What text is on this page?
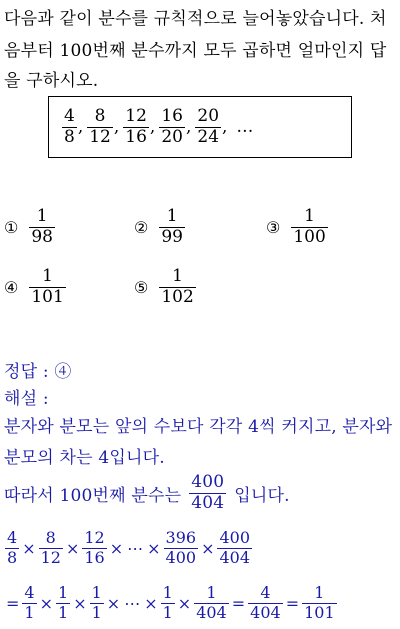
다음과 같이 분수를 규칙적으로 늘어놓았습니다. 처
음부터 100번째 분수까지 모두 곱하면 얼마인지 답
을 구하시오.
$\frac{4}{8}$ , $\frac{8}{12}$ , $\frac{12}{16}$ , $\frac{16}{20}$ , $\frac{20}{24}$ , …
① $\frac{1}{98}$	② $\frac{1}{99}$	③ $\frac{1}{100}$
④ $\frac{1}{101}$	⑤ $\frac{1}{102}$
정답 : ④
해설 :
분자와 분모는 앞의 수보다 각각 4씩 커지고, 분자와
분모의 차는 4입니다.
따라서 100번째 분수는 $\frac{400}{404}$ 입니다.
$\frac{4}{8} \times \frac{8}{12} \times \frac{12}{16}$ × ⋯ × $\frac{396}{400} \times \frac{400}{404}$
= $\frac{4}{1} \times \frac{1}{1} \times \frac{1}{1}$ × ⋯ × $\frac{1}{1} \times \frac{1}{404} = \frac{4}{404} = \frac{1}{101}$
